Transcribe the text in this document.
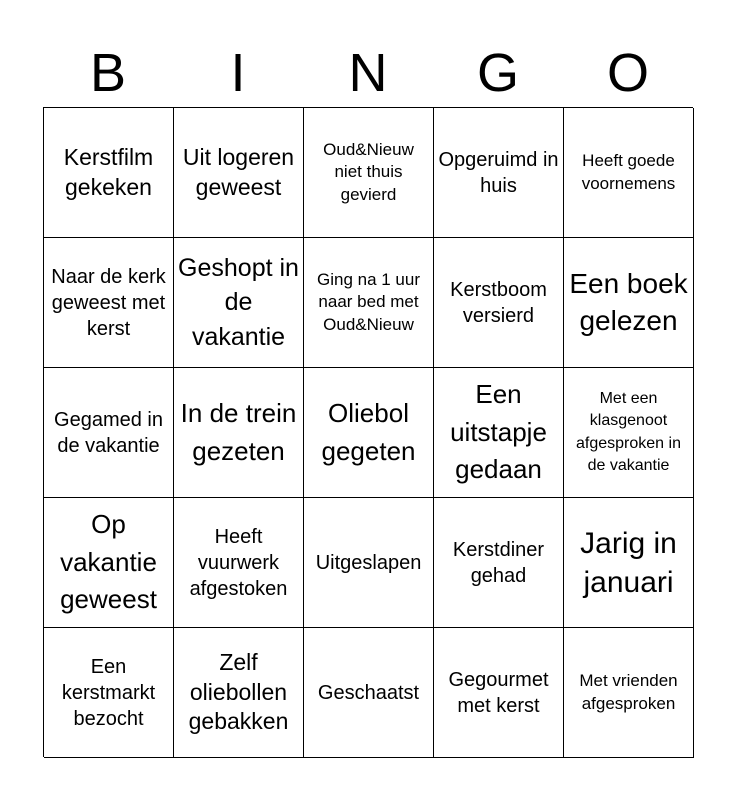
B	I	N	G	O
Kerstfilm gekeken
Uit logeren geweest
Oud&Nieuw niet thuis gevierd
Opgeruimd in huis
Heeft goede voornemens
Naar de kerk geweest met kerst
Geshopt in de vakantie
Ging na 1 uur naar bed met Oud&Nieuw
Kerstboom versierd
Een boek gelezen
Gegamed in de vakantie
In de trein gezeten
Oliebol gegeten
Een uitstapje gedaan
Met een klasgenoot afgesproken in de vakantie
Op vakantie geweest
Heeft vuurwerk afgestoken
Uitgeslapen
Kerstdiner gehad
Jarig in januari
Een kerstmarkt bezocht
Zelf oliebollen gebakken
Geschaatst
Gegourmet met kerst
Met vrienden afgesproken
